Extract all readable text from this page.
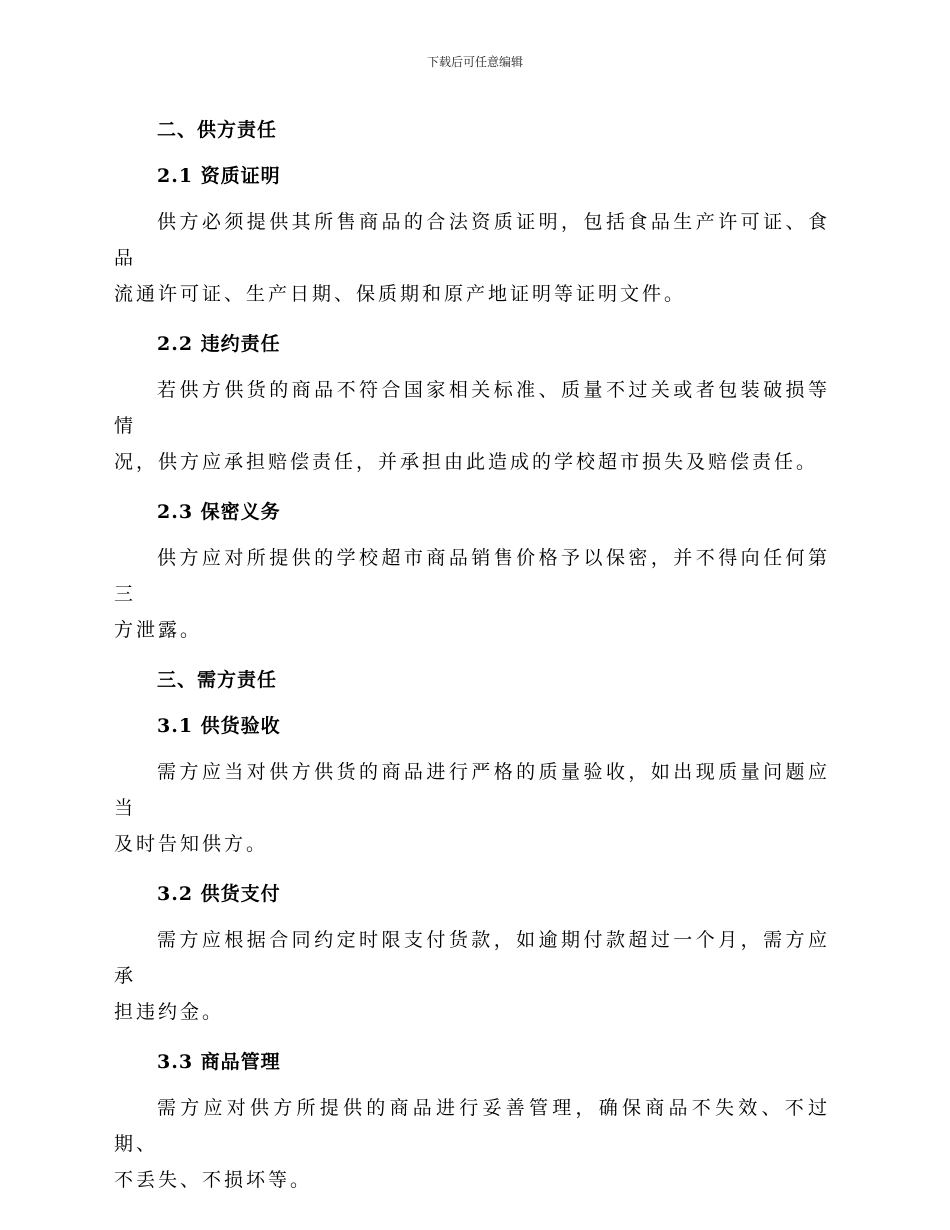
下载后可任意编辑
二、供方责任
2.1 资质证明

供方必须提供其所售商品的合法资质证明，包括食品生产许可证、食品

流通许可证、生产日期、保质期和原产地证明等证明文件。

2.2 违约责任

若供方供货的商品不符合国家相关标准、质量不过关或者包装破损等情

况，供方应承担赔偿责任，并承担由此造成的学校超市损失及赔偿责任。

2.3 保密义务

供方应对所提供的学校超市商品销售价格予以保密，并不得向任何第三

方泄露。

三、需方责任
3.1 供货验收

需方应当对供方供货的商品进行严格的质量验收，如出现质量问题应当

及时告知供方。

3.2 供货支付

需方应根据合同约定时限支付货款，如逾期付款超过一个月，需方应承

担违约金。

3.3 商品管理

需方应对供方所提供的商品进行妥善管理，确保商品不失效、不过期、

不丢失、不损坏等。
